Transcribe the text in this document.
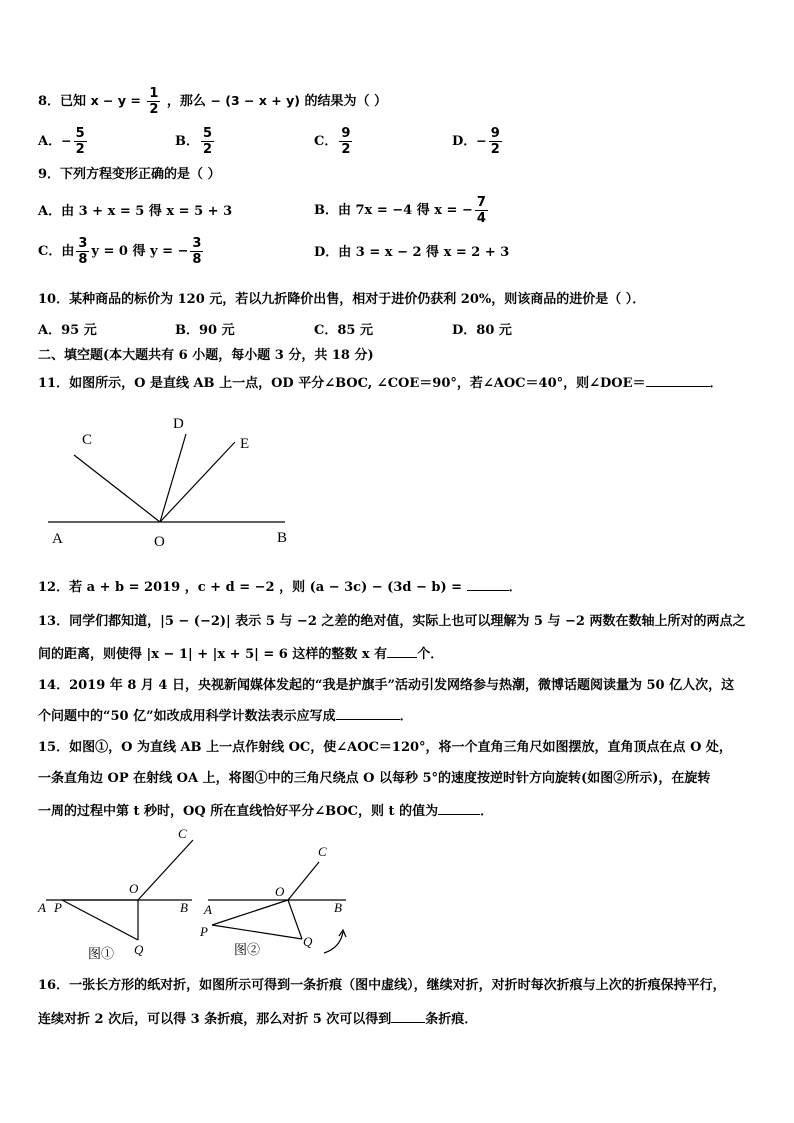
8．已知 $x - y = \frac{1}{2}$ ，那么 − (3 − x + y) 的结果为（ ）
A．− $\frac{5}{2}$	B． $\frac{5}{2}$	C． $\frac{9}{2}$	D．− $\frac{9}{2}$
9．下列方程变形正确的是（ ）
A．由 3 + x = 5 得 x = 5 + 3	B．由 7x = −4 得 x = − $\frac{7}{4}$
C．由 $\frac{3}{8}$ y = 0 得 y = − $\frac{3}{8}$	D．由 3 = x − 2 得 x = 2 + 3
10．某种商品的标价为 120 元，若以九折降价出售，相对于进价仍获利 20%，则该商品的进价是（ ）．
A．95 元	B．90 元	C．85 元	D．80 元
二、填空题(本大题共有 6 小题，每小题 3 分，共 18 分)
11．如图所示，O 是直线 AB 上一点，OD 平分∠BOC, ∠COE＝90°，若∠AOC＝40°，则∠DOE＝	．
A	O	B
C
D
E
12．若 a + b = 2019 ，c + d = −2 ，则 (a − 3c) − (3d − b) =	．
13．同学们都知道，|5 − (−2)| 表示 5 与 −2 之差的绝对值，实际上也可以理解为 5 与 −2 两数在数轴上所对的两点之
间的距离，则使得 |x − 1| + |x + 5| = 6 这样的整数 x 有 个．
14．2019 年 8 月 4 日，央视新闻媒体发起的“我是护旗手”活动引发网络参与热潮，微博话题阅读量为 50 亿人次，这
个问题中的“50 亿”如改成用科学计数法表示应写成	．
15．如图①，O 为直线 AB 上一点作射线 OC，使∠AOC＝120°，将一个直角三角尺如图摆放，直角顶点在点 O 处，
一条直角边 OP 在射线 OA 上，将图①中的三角尺绕点 O 以每秒 5°的速度按逆时针方向旋转(如图②所示)，在旋转
一周的过程中第 t 秒时，OQ 所在直线恰好平分∠BOC，则 t 的值为	．
A P
O
C
B
Q
图①
C
O
A	B
P
Q
图②
16．一张长方形的纸对折，如图所示可得到一条折痕（图中虚线），继续对折，对折时每次折痕与上次的折痕保持平行，
连续对折 2 次后，可以得 3 条折痕，那么对折 5 次可以得到	条折痕．
